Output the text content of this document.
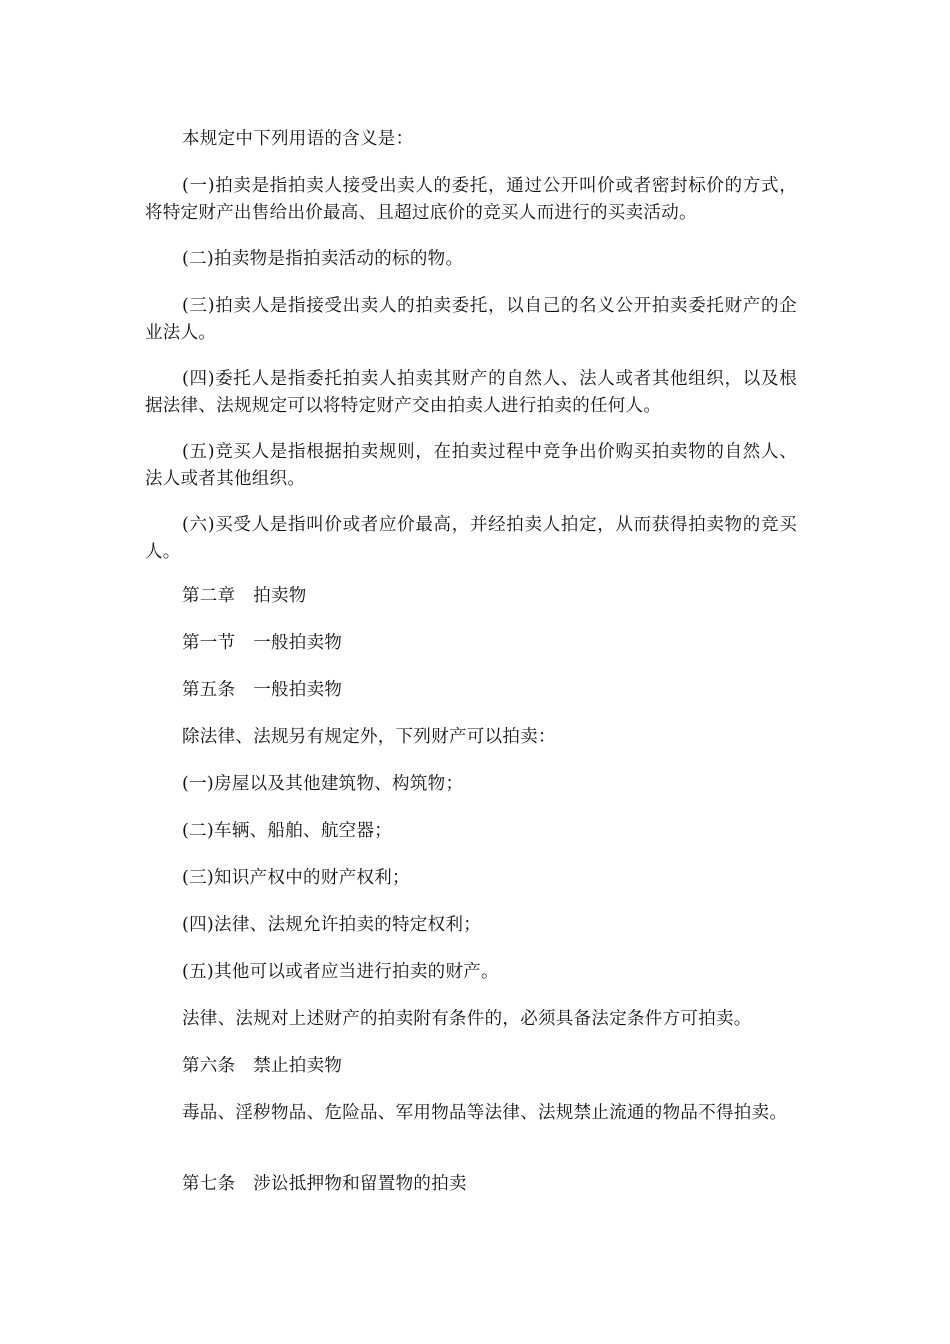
本规定中下列用语的含义是：

(一)拍卖是指拍卖人接受出卖人的委托，通过公开叫价或者密封标价的方式，将特定财产出售给出价最高、且超过底价的竞买人而进行的买卖活动。

(二)拍卖物是指拍卖活动的标的物。

(三)拍卖人是指接受出卖人的拍卖委托，以自己的名义公开拍卖委托财产的企业法人。

(四)委托人是指委托拍卖人拍卖其财产的自然人、法人或者其他组织，以及根据法律、法规规定可以将特定财产交由拍卖人进行拍卖的任何人。

(五)竞买人是指根据拍卖规则，在拍卖过程中竞争出价购买拍卖物的自然人、法人或者其他组织。

(六)买受人是指叫价或者应价最高，并经拍卖人拍定，从而获得拍卖物的竞买人。

第二章　拍卖物

第一节　一般拍卖物

第五条　一般拍卖物

除法律、法规另有规定外，下列财产可以拍卖：

(一)房屋以及其他建筑物、构筑物；

(二)车辆、船舶、航空器；

(三)知识产权中的财产权利；

(四)法律、法规允许拍卖的特定权利；

(五)其他可以或者应当进行拍卖的财产。

法律、法规对上述财产的拍卖附有条件的，必须具备法定条件方可拍卖。

第六条　禁止拍卖物

毒品、淫秽物品、危险品、军用物品等法律、法规禁止流通的物品不得拍卖。

第七条　涉讼抵押物和留置物的拍卖
